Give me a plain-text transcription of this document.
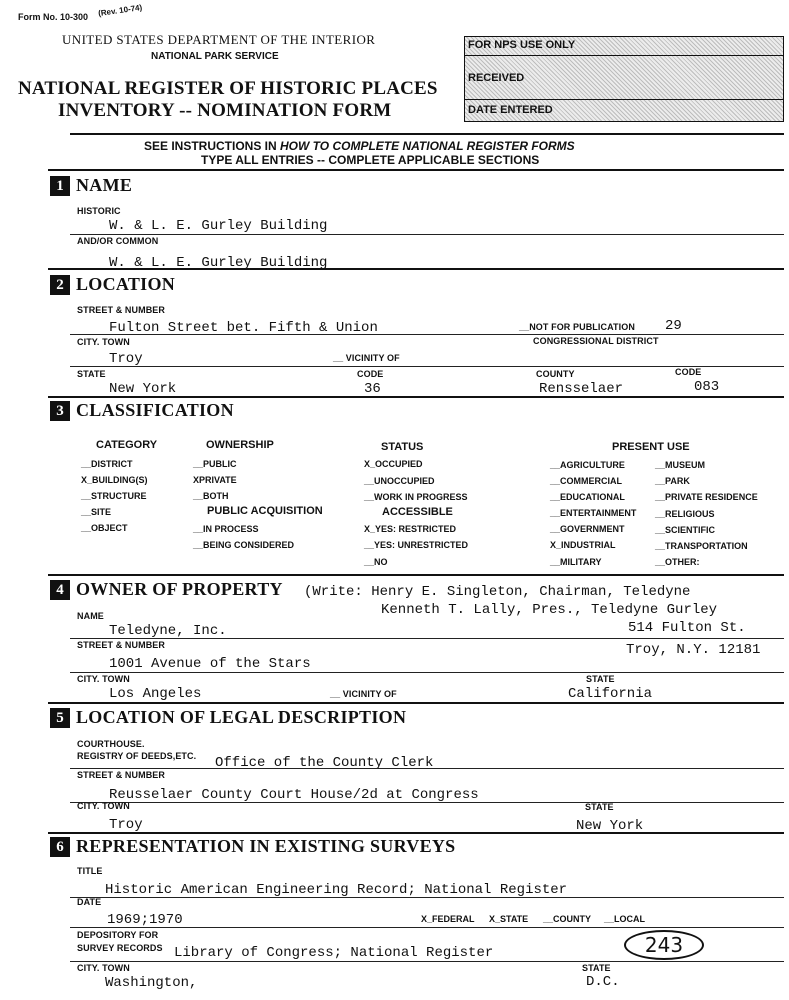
Form No. 10-300 (Rev. 10-74)
UNITED STATES DEPARTMENT OF THE INTERIOR
NATIONAL PARK SERVICE
NATIONAL REGISTER OF HISTORIC PLACES
INVENTORY -- NOMINATION FORM
FOR NPS USE ONLY
RECEIVED
DATE ENTERED
SEE INSTRUCTIONS IN HOW TO COMPLETE NATIONAL REGISTER FORMS
TYPE ALL ENTRIES -- COMPLETE APPLICABLE SECTIONS
1 NAME
HISTORIC
W. & L. E. Gurley Building
AND/OR COMMON
W. & L. E. Gurley Building
2 LOCATION
STREET & NUMBER
Fulton Street bet. Fifth & Union	__NOT FOR PUBLICATION 29
CITY. TOWN	CONGRESSIONAL DISTRICT
Troy	__ VICINITY OF
STATE	CODE	COUNTY	CODE
New York	36	Rensselaer	083
3 CLASSIFICATION
CATEGORY
__DISTRICT
X_BUILDING(S)
__STRUCTURE
__SITE
__OBJECT
OWNERSHIP
__PUBLIC
XPRIVATE
__BOTH
PUBLIC ACQUISITION
__IN PROCESS
__BEING CONSIDERED
STATUS
X_OCCUPIED
__UNOCCUPIED
__WORK IN PROGRESS
ACCESSIBLE
X_YES: RESTRICTED
__YES: UNRESTRICTED
__NO
PRESENT USE
__AGRICULTURE
__COMMERCIAL
__EDUCATIONAL
__ENTERTAINMENT
__GOVERNMENT
X_INDUSTRIAL
__MILITARY
__MUSEUM
__PARK
__PRIVATE RESIDENCE
__RELIGIOUS
__SCIENTIFIC
__TRANSPORTATION
__OTHER:
4 OWNER OF PROPERTY (Write: Henry E. Singleton, Chairman, Teledyne
Kenneth T. Lally, Pres., Teledyne Gurley
514 Fulton St.
Troy, N.Y. 12181
NAME
Teledyne, Inc.
STREET & NUMBER
1001 Avenue of the Stars
CITY. TOWN	STATE
Los Angeles	__ VICINITY OF	California
5 LOCATION OF LEGAL DESCRIPTION
COURTHOUSE.
REGISTRY OF DEEDS,ETC. Office of the County Clerk
STREET & NUMBER
Reusselaer County Court House/2d at Congress
CITY. TOWN	STATE
Troy	New York
6 REPRESENTATION IN EXISTING SURVEYS
TITLE
Historic American Engineering Record; National Register
DATE
1969;1970	X_FEDERAL X_STATE __COUNTY __LOCAL
DEPOSITORY FOR
SURVEY RECORDS Library of Congress; National Register
CITY. TOWN	STATE
Washington,	D.C.
243
